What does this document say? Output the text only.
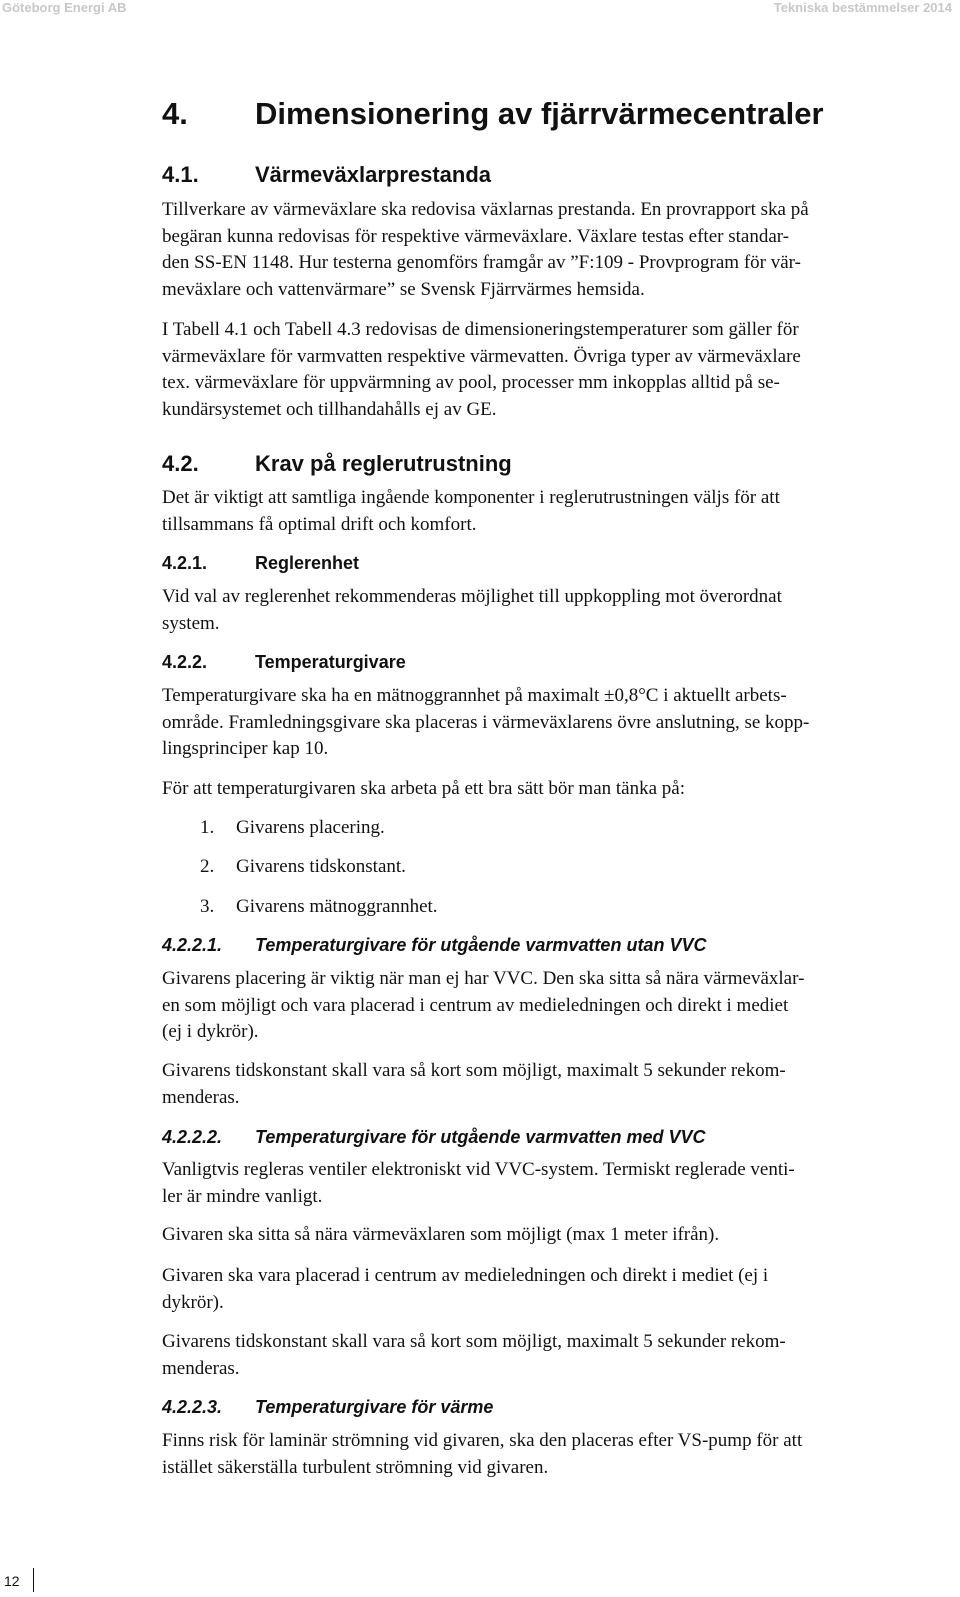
Göteborg Energi AB	Tekniska bestämmelser 2014
4. Dimensionering av fjärrvärmecentraler
4.1.	Värmeväxlarprestanda
Tillverkare av värmeväxlare ska redovisa växlarnas prestanda. En provrapport ska på
begäran kunna redovisas för respektive värmeväxlare. Växlare testas efter standar-
den SS-EN 1148. Hur testerna genomförs framgår av ”F:109 - Provprogram för vär-
meväxlare och vattenvärmare” se Svensk Fjärrvärmes hemsida.
I Tabell 4.1 och Tabell 4.3 redovisas de dimensioneringstemperaturer som gäller för
värmeväxlare för varmvatten respektive värmevatten. Övriga typer av värmeväxlare
tex. värmeväxlare för uppvärmning av pool, processer mm inkopplas alltid på se-
kundärsystemet och tillhandahålls ej av GE.
4.2.	Krav på reglerutrustning
Det är viktigt att samtliga ingående komponenter i reglerutrustningen väljs för att
tillsammans få optimal drift och komfort.
4.2.1.	Reglerenhet
Vid val av reglerenhet rekommenderas möjlighet till uppkoppling mot överordnat
system.
4.2.2.	Temperaturgivare
Temperaturgivare ska ha en mätnoggrannhet på maximalt ±0,8°C i aktuellt arbets-
område. Framledningsgivare ska placeras i värmeväxlarens övre anslutning, se kopp-
lingsprinciper kap 10.
För att temperaturgivaren ska arbeta på ett bra sätt bör man tänka på:
1. Givarens placering.
2. Givarens tidskonstant.
3. Givarens mätnoggrannhet.
4.2.2.1. Temperaturgivare för utgående varmvatten utan VVC
Givarens placering är viktig när man ej har VVC. Den ska sitta så nära värmeväxlar-
en som möjligt och vara placerad i centrum av medieledningen och direkt i mediet
(ej i dykrör).
Givarens tidskonstant skall vara så kort som möjligt, maximalt 5 sekunder rekom-
menderas.
4.2.2.2. Temperaturgivare för utgående varmvatten med VVC
Vanligtvis regleras ventiler elektroniskt vid VVC-system. Termiskt reglerade venti-
ler är mindre vanligt.
Givaren ska sitta så nära värmeväxlaren som möjligt (max 1 meter ifrån).
Givaren ska vara placerad i centrum av medieledningen och direkt i mediet (ej i
dykrör).
Givarens tidskonstant skall vara så kort som möjligt, maximalt 5 sekunder rekom-
menderas.
4.2.2.3. Temperaturgivare för värme
Finns risk för laminär strömning vid givaren, ska den placeras efter VS-pump för att
istället säkerställa turbulent strömning vid givaren.
12
